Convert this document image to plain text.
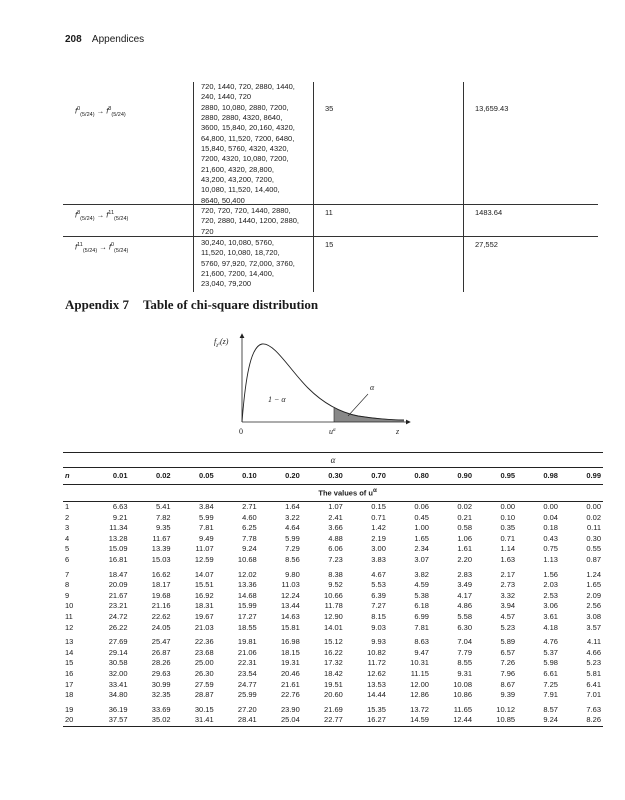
208 Appendices
$f^0_{(5/24)} \to f^8_{(5/24)}$
720, 1440, 720, 2880, 1440,
240, 1440, 720
2880, 10,080, 2880, 7200,
2880, 2880, 4320, 8640,
3600, 15,840, 20,160, 4320,
64,800, 11,520, 7200, 6480,
15,840, 5760, 4320, 4320,
7200, 4320, 10,080, 7200,
21,600, 4320, 28,800,
43,200, 43,200, 7200,
10,080, 11,520, 14,400,
8640, 50,400
35	13,659.43
$f^8_{(5/24)} \to f^{11}_{(5/24)}$
720, 720, 720, 1440, 2880,
720, 2880, 1440, 1200, 2880,
720
11	1483.64
$f^{11}_{(5/24)} \to f^0_{(5/24)}$
30,240, 10,080, 5760,
11,520, 10,080, 18,720,
5760, 97,920, 72,000, 3760,
21,600, 7200, 14,400,
23,040, 79,200
15	27,552
Appendix 7 Table of chi-square distribution
$f_{\chi^2}(z)$
1 − α
α
0	$u^\alpha$	z
α												
n	0.01	0.02	0.05	0.10	0.20	0.30	0.70	0.80	0.90	0.95	0.98	0.99
	The values of $u^\alpha$
1	6.63	5.41	3.84	2.71	1.64	1.07	0.15	0.06	0.02	0.00	0.00	0.00
2	9.21	7.82	5.99	4.60	3.22	2.41	0.71	0.45	0.21	0.10	0.04	0.02
3	11.34	9.35	7.81	6.25	4.64	3.66	1.42	1.00	0.58	0.35	0.18	0.11
4	13.28	11.67	9.49	7.78	5.99	4.88	2.19	1.65	1.06	0.71	0.43	0.30
5	15.09	13.39	11.07	9.24	7.29	6.06	3.00	2.34	1.61	1.14	0.75	0.55
6	16.81	15.03	12.59	10.68	8.56	7.23	3.83	3.07	2.20	1.63	1.13	0.87
7	18.47	16.62	14.07	12.02	9.80	8.38	4.67	3.82	2.83	2.17	1.56	1.24
8	20.09	18.17	15.51	13.36	11.03	9.52	5.53	4.59	3.49	2.73	2.03	1.65
9	21.67	19.68	16.92	14.68	12.24	10.66	6.39	5.38	4.17	3.32	2.53	2.09
10	23.21	21.16	18.31	15.99	13.44	11.78	7.27	6.18	4.86	3.94	3.06	2.56
11	24.72	22.62	19.67	17.27	14.63	12.90	8.15	6.99	5.58	4.57	3.61	3.08
12	26.22	24.05	21.03	18.55	15.81	14.01	9.03	7.81	6.30	5.23	4.18	3.57
13	27.69	25.47	22.36	19.81	16.98	15.12	9.93	8.63	7.04	5.89	4.76	4.11
14	29.14	26.87	23.68	21.06	18.15	16.22	10.82	9.47	7.79	6.57	5.37	4.66
15	30.58	28.26	25.00	22.31	19.31	17.32	11.72	10.31	8.55	7.26	5.98	5.23
16	32.00	29.63	26.30	23.54	20.46	18.42	12.62	11.15	9.31	7.96	6.61	5.81
17	33.41	30.99	27.59	24.77	21.61	19.51	13.53	12.00	10.08	8.67	7.25	6.41
18	34.80	32.35	28.87	25.99	22.76	20.60	14.44	12.86	10.86	9.39	7.91	7.01
19	36.19	33.69	30.15	27.20	23.90	21.69	15.35	13.72	11.65	10.12	8.57	7.63
20	37.57	35.02	31.41	28.41	25.04	22.77	16.27	14.59	12.44	10.85	9.24	8.26
